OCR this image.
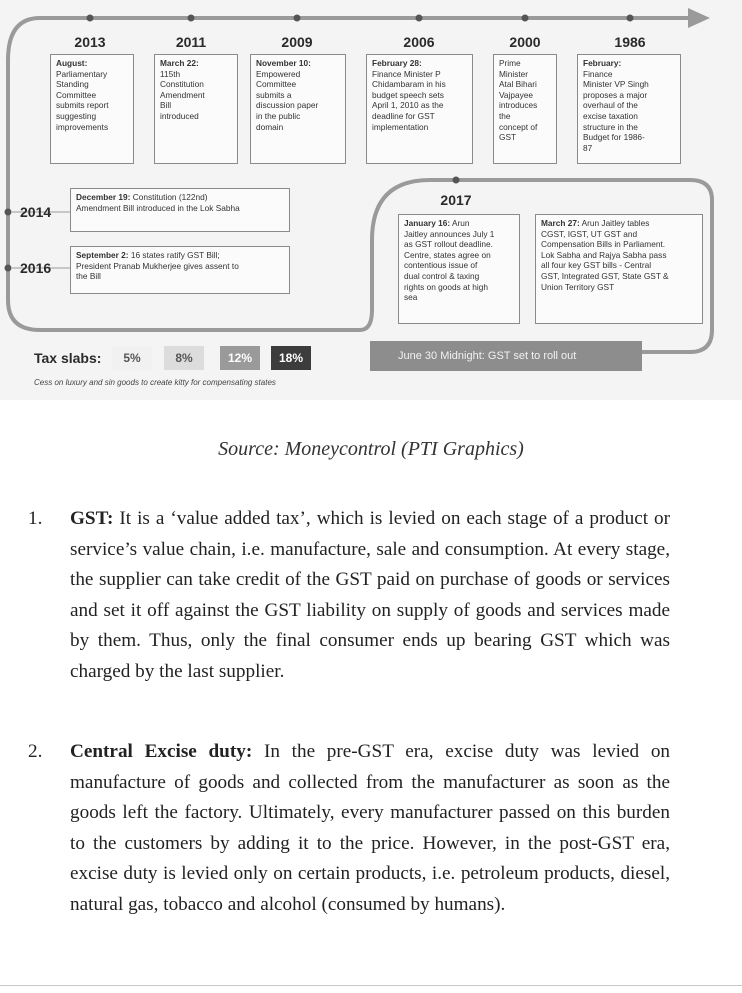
2013	2011	2009	2006	2000	1986
August:
Parliamentary
Standing
Committee
submits report
suggesting
improvements
March 22:
115th
Constitution
Amendment
Bill
introduced
November 10:
Empowered
Committee
submits a
discussion paper
in the public
domain
February 28:
Finance Minister P
Chidambaram in his
budget speech sets
April 1, 2010 as the
deadline for GST
implementation
Prime
Minister
Atal Bihari
Vajpayee
introduces
the
concept of
GST
February:
Finance
Minister VP Singh
proposes a major
overhaul of the
excise taxation
structure in the
Budget for 1986-
87
2014
2016
December 19: Constitution (122nd)
Amendment Bill introduced in the Lok Sabha
September 2: 16 states ratify GST Bill;
President Pranab Mukherjee gives assent to
the Bill
2017
January 16: Arun
Jaitley announces July 1
as GST rollout deadline.
Centre, states agree on
contentious issue of
dual control & taxing
rights on goods at high
sea
March 27: Arun Jaitley tables
CGST, IGST, UT GST and
Compensation Bills in Parliament.
Lok Sabha and Rajya Sabha pass
all four key GST bills - Central
GST, Integrated GST, State GST &
Union Territory GST
June 30 Midnight: GST set to roll out
Tax slabs:	5%	8%	12%	18%
Cess on luxury and sin goods to create kitty for compensating states
Source: Moneycontrol (PTI Graphics)
1.	GST: It is a ‘value added tax’, which is levied on each stage of a product or service’s value chain, i.e. manufacture, sale and consumption. At every stage, the supplier can take credit of the GST paid on purchase of goods or services and set it off against the GST liability on supply of goods and services made by them. Thus, only the final consumer ends up bearing GST which was charged by the last supplier.
2.	Central Excise duty: In the pre-GST era, excise duty was levied on manufacture of goods and collected from the manufacturer as soon as the goods left the factory. Ultimately, every manufacturer passed on this burden to the customers by adding it to the price. However, in the post-GST era, excise duty is levied only on certain products, i.e. petroleum products, diesel, natural gas, tobacco and alcohol (consumed by humans).
